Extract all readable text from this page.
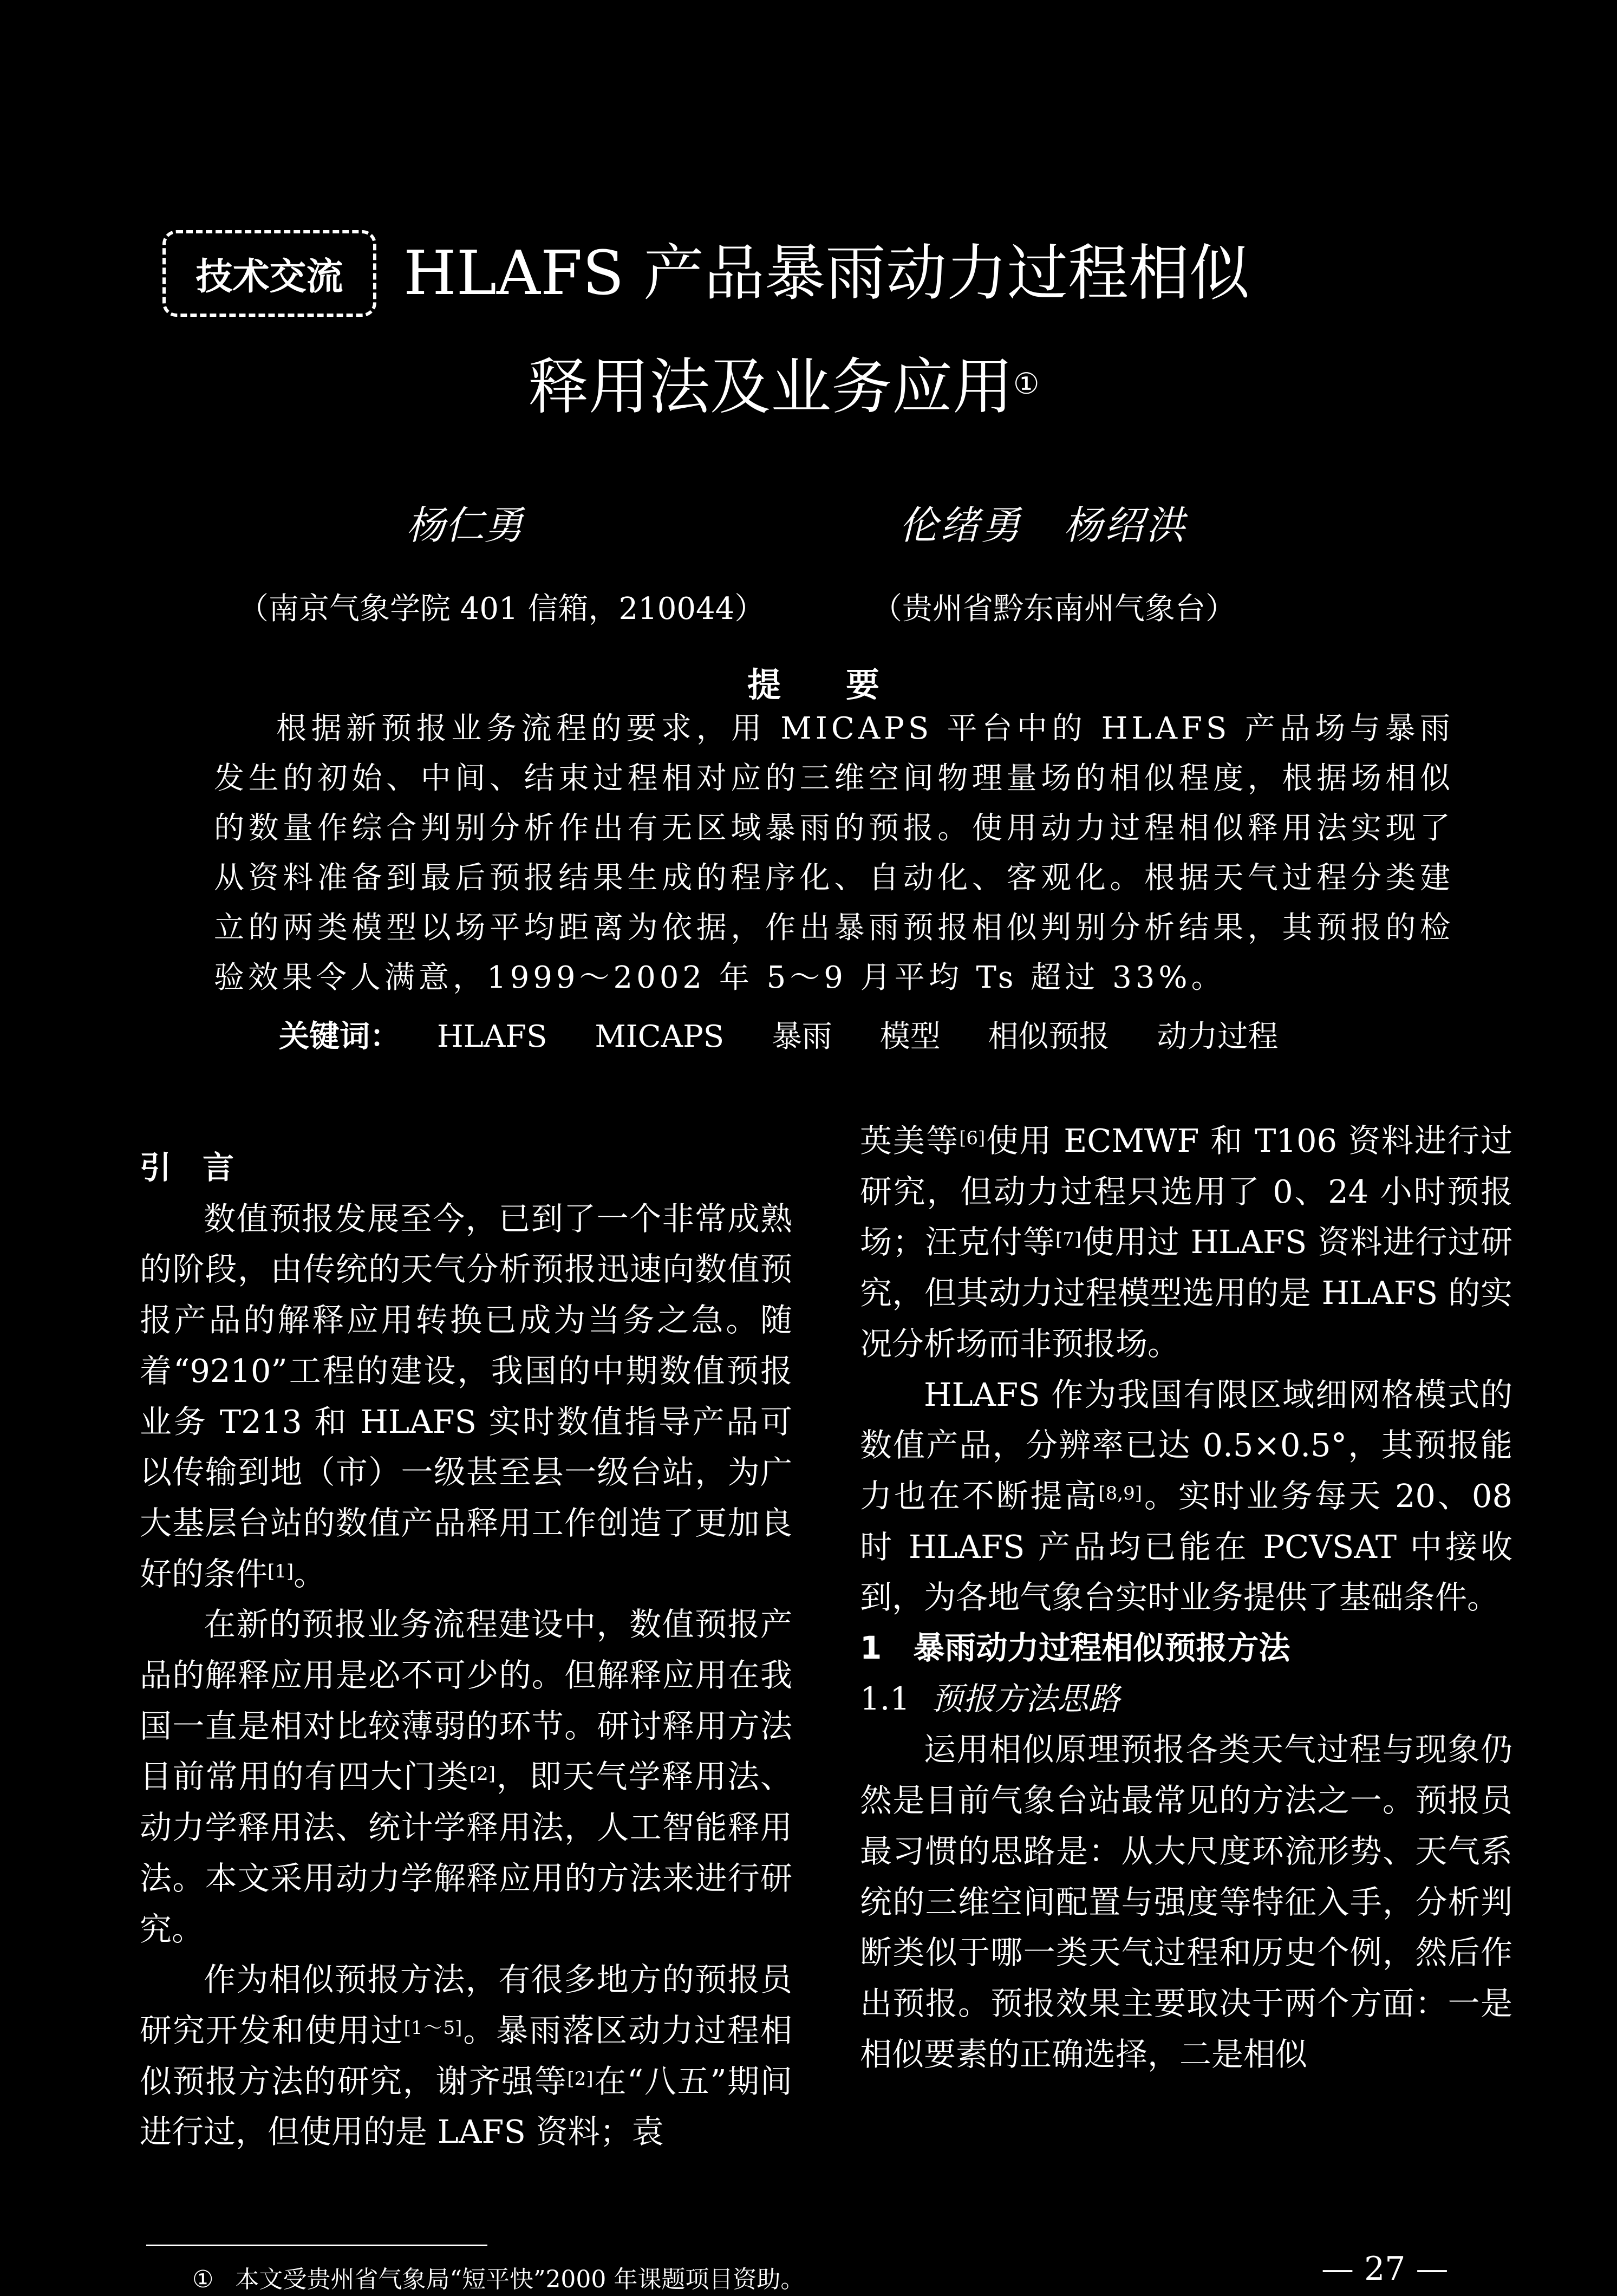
技术交流 HLAFS 产品暴雨动力过程相似
释用法及业务应用①
杨仁勇	伦绪勇　杨绍洪
（南京气象学院 401 信箱，210044）	（贵州省黔东南州气象台）
提要

根据新预报业务流程的要求，用 MICAPS 平台中的 HLAFS 产品场与暴雨发生的初始、中间、结束过程相对应的三维空间物理量场的相似程度，根据场相似的数量作综合判别分析作出有无区域暴雨的预报。使用动力过程相似释用法实现了从资料准备到最后预报结果生成的程序化、自动化、客观化。根据天气过程分类建立的两类模型以场平均距离为依据，作出暴雨预报相似判别分析结果，其预报的检验效果令人满意，1999～2002 年 5～9 月平均 Ts 超过 33%。

关键词： HLAFS MICAPS 暴雨 模型 相似预报 动力过程

引　言

数值预报发展至今，已到了一个非常成熟的阶段，由传统的天气分析预报迅速向数值预报产品的解释应用转换已成为当务之急。随着“9210”工程的建设，我国的中期数值预报业务 T213 和 HLAFS 实时数值指导产品可以传输到地（市）一级甚至县一级台站，为广大基层台站的数值产品释用工作创造了更加良好的条件[1]。

在新的预报业务流程建设中，数值预报产品的解释应用是必不可少的。但解释应用在我国一直是相对比较薄弱的环节。研讨释用方法目前常用的有四大门类[2]，即天气学释用法、动力学释用法、统计学释用法，人工智能释用法。本文采用动力学解释应用的方法来进行研究。

作为相似预报方法，有很多地方的预报员研究开发和使用过[1～5]。暴雨落区动力过程相似预报方法的研究，谢齐强等[2]在“八五”期间进行过，但使用的是 LAFS 资料；袁

英美等[6]使用 ECMWF 和 T106 资料进行过研究，但动力过程只选用了 0、24 小时预报场；汪克付等[7]使用过 HLAFS 资料进行过研究，但其动力过程模型选用的是 HLAFS 的实况分析场而非预报场。

HLAFS 作为我国有限区域细网格模式的数值产品，分辨率已达 0.5×0.5°，其预报能力也在不断提高[8,9]。实时业务每天 20、08 时 HLAFS 产品均已能在 PCVSAT 中接收到，为各地气象台实时业务提供了基础条件。

1　暴雨动力过程相似预报方法

1.1 预报方法思路

运用相似原理预报各类天气过程与现象仍然是目前气象台站最常见的方法之一。预报员最习惯的思路是：从大尺度环流形势、天气系统的三维空间配置与强度等特征入手，分析判断类似于哪一类天气过程和历史个例，然后作出预报。预报效果主要取决于两个方面：一是相似要素的正确选择，二是相似

① 本文受贵州省气象局“短平快”2000 年课题项目资助。	— 27 —
